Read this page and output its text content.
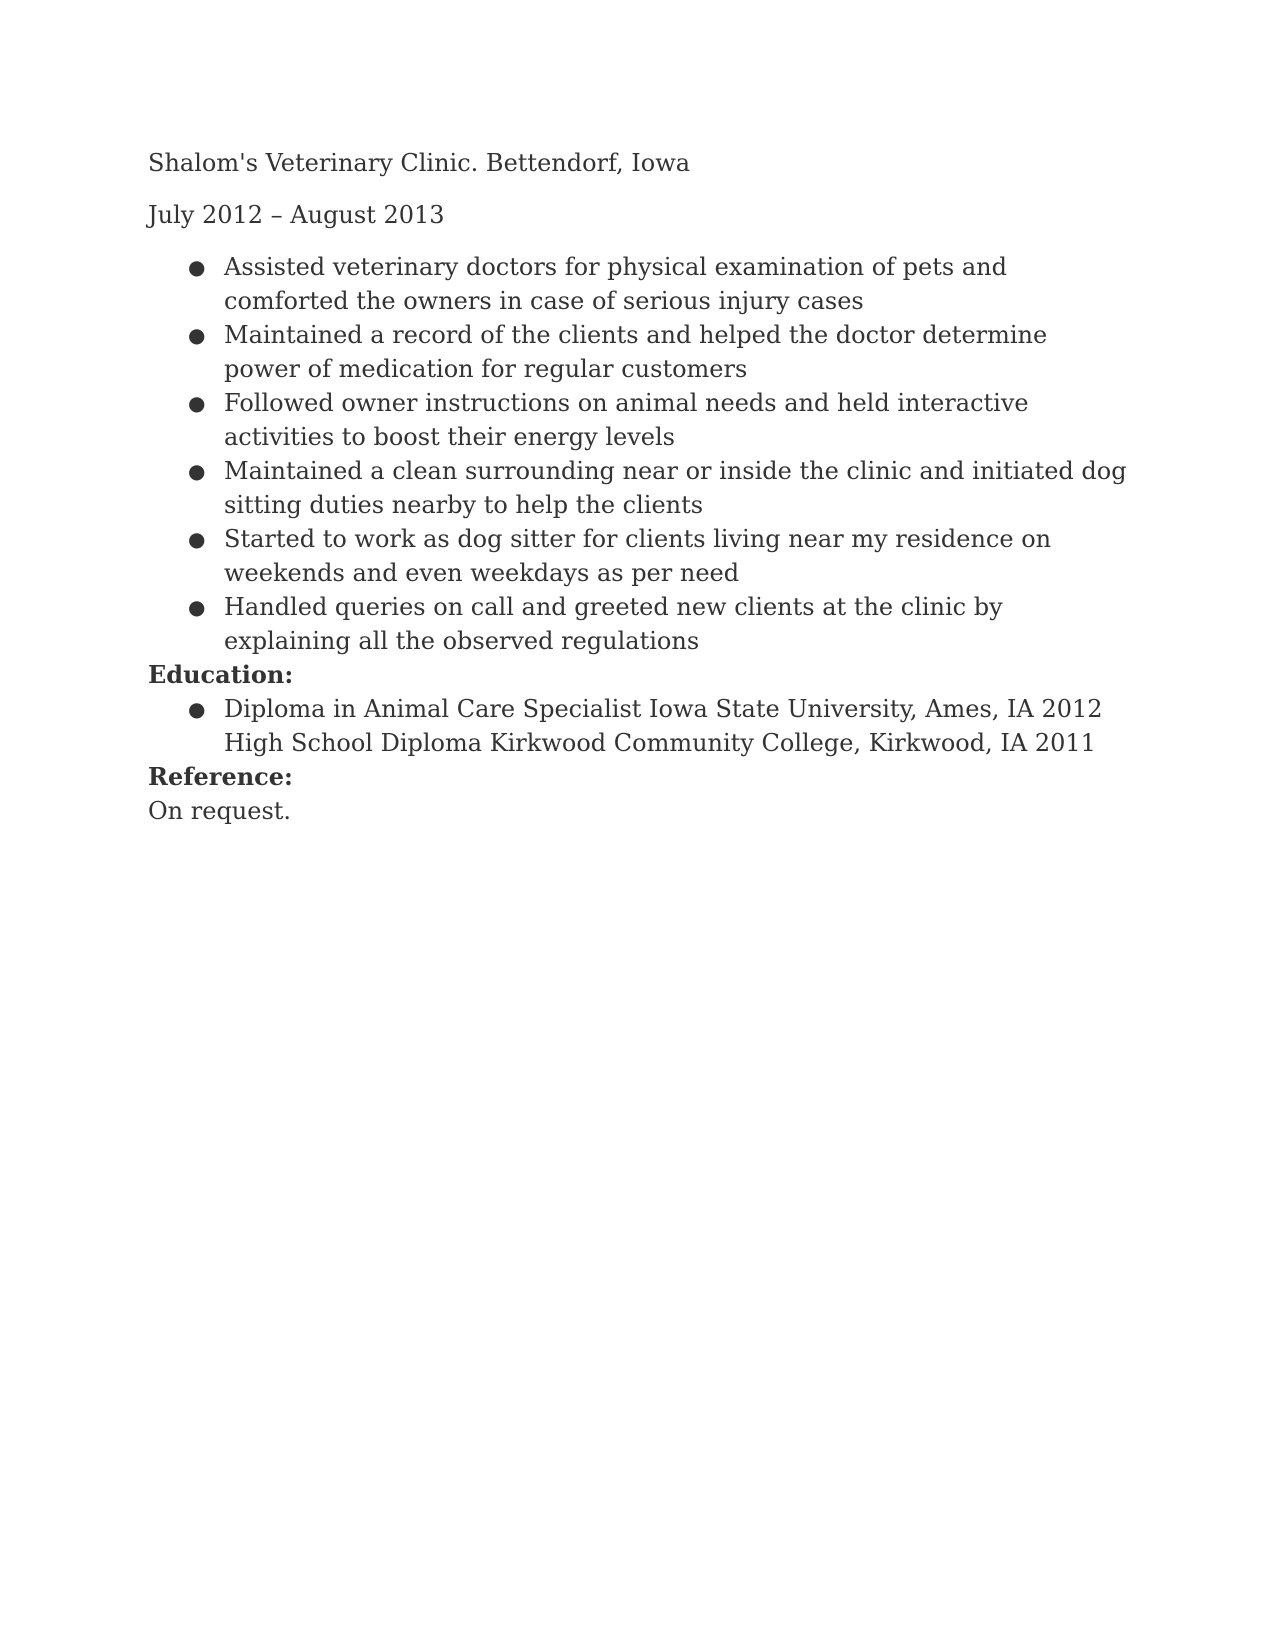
Shalom's Veterinary Clinic. Bettendorf, Iowa

July 2012 – August 2013

● Assisted veterinary doctors for physical examination of pets and comforted the owners in case of serious injury cases
● Maintained a record of the clients and helped the doctor determine power of medication for regular customers
● Followed owner instructions on animal needs and held interactive activities to boost their energy levels
● Maintained a clean surrounding near or inside the clinic and initiated dog sitting duties nearby to help the clients
● Started to work as dog sitter for clients living near my residence on weekends and even weekdays as per need
● Handled queries on call and greeted new clients at the clinic by explaining all the observed regulations

Education:

● Diploma in Animal Care Specialist Iowa State University, Ames, IA 2012
High School Diploma Kirkwood Community College, Kirkwood, IA 2011

Reference:

On request.
